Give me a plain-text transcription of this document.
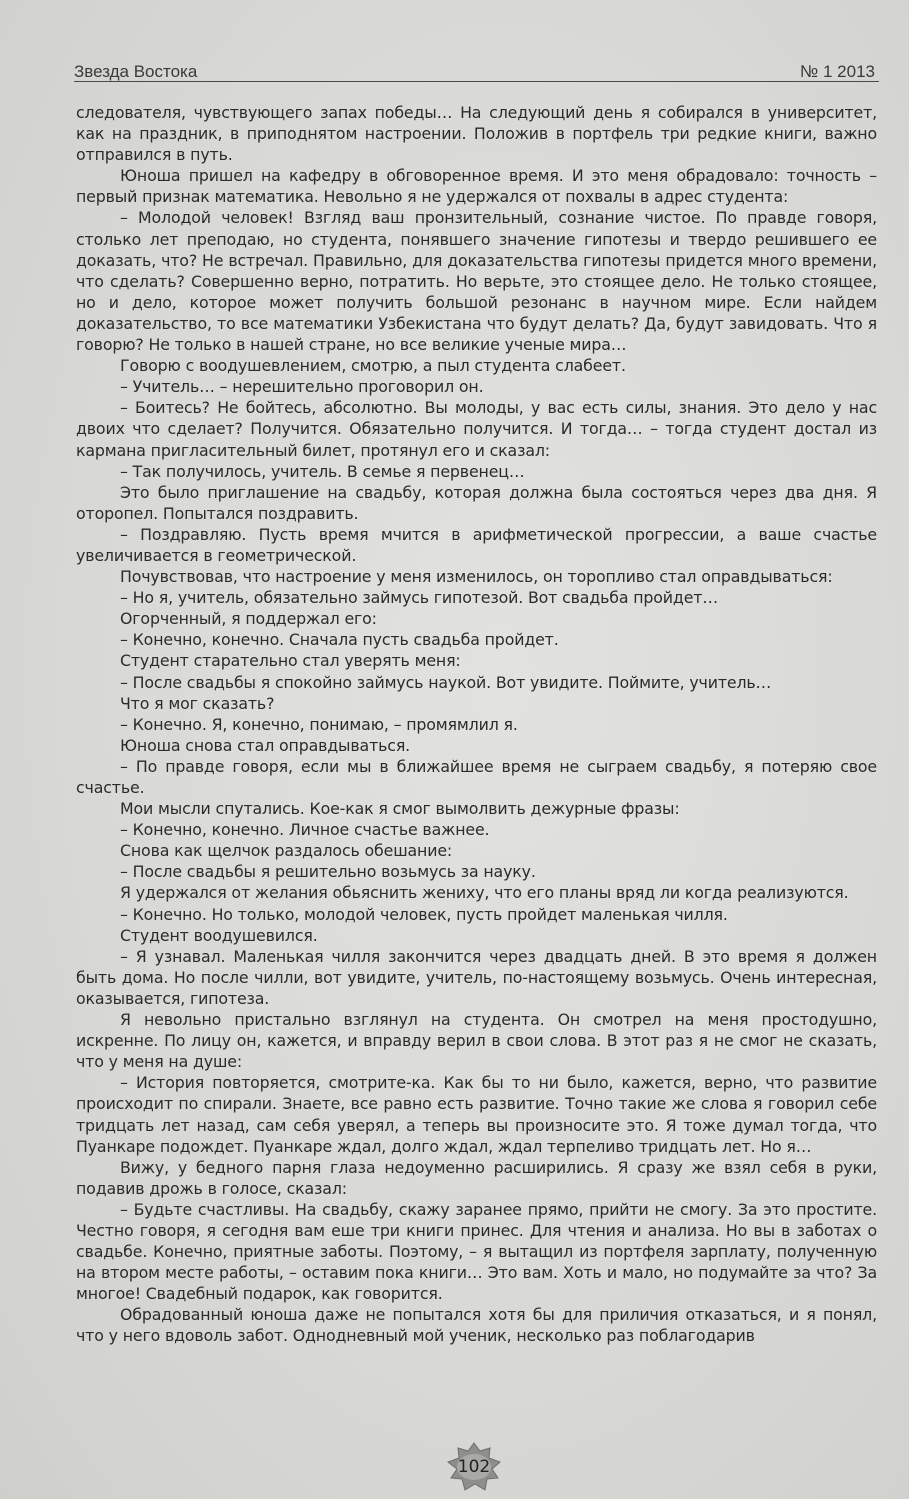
Звезда Востока	№ 1 2013

следователя, чувствующего запах победы… На следующий день я собирался в университет, как на праздник, в приподнятом настроении. Положив в портфель три редкие книги, важно отправился в путь.

Юноша пришел на кафедру в обговоренное время. И это меня обрадовало: точность – первый признак математика. Невольно я не удержался от похвалы в адрес студента:

– Молодой человек! Взгляд ваш пронзительный, сознание чистое. По правде говоря, столько лет преподаю, но студента, понявшего значение гипотезы и твердо решившего ее доказать, что? Не встречал. Правильно, для доказательства гипотезы придется много времени, что сделать? Совершенно верно, потратить. Но верьте, это стоящее дело. Не только стоящее, но и дело, которое может получить большой резонанс в научном мире. Если найдем доказательство, то все математики Узбекистана что будут делать? Да, будут завидовать. Что я говорю? Не только в нашей стране, но все великие ученые мира…

Говорю с воодушевлением, смотрю, а пыл студента слабеет.

– Учитель… – нерешительно проговорил он.

– Боитесь? Не бойтесь, абсолютно. Вы молоды, у вас есть силы, знания. Это дело у нас двоих что сделает? Получится. Обязательно получится. И тогда… – тогда студент достал из кармана пригласительный билет, протянул его и сказал:

– Так получилось, учитель. В семье я первенец…

Это было приглашение на свадьбу, которая должна была состояться через два дня. Я оторопел. Попытался поздравить.

– Поздравляю. Пусть время мчится в арифметической прогрессии, а ваше счастье увеличивается в геометрической.

Почувствовав, что настроение у меня изменилось, он торопливо стал оправдываться:

– Но я, учитель, обязательно займусь гипотезой. Вот свадьба пройдет…

Огорченный, я поддержал его:

– Конечно, конечно. Сначала пусть свадьба пройдет.

Студент старательно стал уверять меня:

– После свадьбы я спокойно займусь наукой. Вот увидите. Поймите, учитель…

Что я мог сказать?

– Конечно. Я, конечно, понимаю, – промямлил я.

Юноша снова стал оправдываться.

– По правде говоря, если мы в ближайшее время не сыграем свадьбу, я потеряю свое счастье.

Мои мысли спутались. Кое-как я смог вымолвить дежурные фразы:

– Конечно, конечно. Личное счастье важнее.

Снова как щелчок раздалось обешание:

– После свадьбы я решительно возьмусь за науку.

Я удержался от желания обьяснить жениху, что его планы вряд ли когда реализуются.

– Конечно. Но только, молодой человек, пусть пройдет маленькая чилля.

Студент воодушевился.

– Я узнавал. Маленькая чилля закончится через двадцать дней. В это время я должен быть дома. Но после чилли, вот увидите, учитель, по-настоящему возьмусь. Очень интересная, оказывается, гипотеза.

Я невольно пристально взглянул на студента. Он смотрел на меня простодушно, искренне. По лицу он, кажется, и вправду верил в свои слова. В этот раз я не смог не сказать, что у меня на душе:

– История повторяется, смотрите-ка. Как бы то ни было, кажется, верно, что развитие происходит по спирали. Знаете, все равно есть развитие. Точно такие же слова я говорил себе тридцать лет назад, сам себя уверял, а теперь вы произносите это. Я тоже думал тогда, что Пуанкаре подождет. Пуанкаре ждал, долго ждал, ждал терпеливо тридцать лет. Но я…

Вижу, у бедного парня глаза недоуменно расширились. Я сразу же взял себя в руки, подавив дрожь в голосе, сказал:

– Будьте счастливы. На свадьбу, скажу заранее прямо, прийти не смогу. За это простите. Честно говоря, я сегодня вам еше три книги принес. Для чтения и анализа. Но вы в заботах о свадьбе. Конечно, приятные заботы. Поэтому, – я вытащил из портфеля зарплату, полученную на втором месте работы, – оставим пока книги… Это вам. Хоть и мало, но подумайте за что? За многое! Свадебный подарок, как говорится.

Обрадованный юноша даже не попытался хотя бы для приличия отказаться, и я понял, что у него вдоволь забот. Однодневный мой ученик, несколько раз поблагодарив

102
